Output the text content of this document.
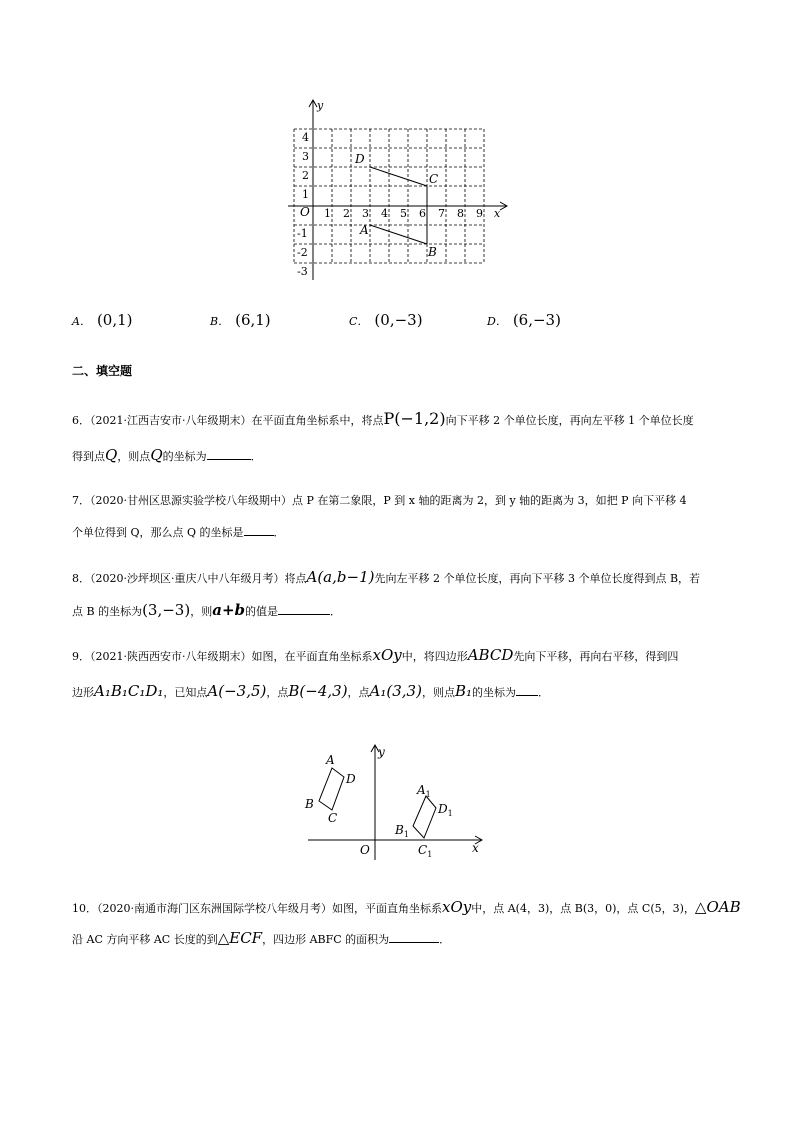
y
x
O 1 2 3 4 5 6 7 8 9
4
3
2
1
-1
-2
-3
D
C
A
B
A． (0,1)	B． (6,1)	C． (0,−3)	D． (6,−3)
二、填空题
6．（2021·江西吉安市·八年级期末）在平面直角坐标系中，将点P(−1,2)向下平移 2 个单位长度，再向左平移 1 个单位长度
得到点Q，则点Q的坐标为	．
7．（2020·甘州区思源实验学校八年级期中）点 P 在第二象限，P 到 x 轴的距离为 2，到 y 轴的距离为 3，如把 P 向下平移 4
个单位得到 Q，那么点 Q 的坐标是	．
8．（2020·沙坪坝区·重庆八中八年级月考）将点A(a,b−1)先向左平移 2 个单位长度，再向下平移 3 个单位长度得到点 B，若
点 B 的坐标为(3,−3)，则a+b的值是	．
9．（2021·陕西西安市·八年级期末）如图，在平面直角坐标系xOy中，将四边形ABCD先向下平移，再向右平移，得到四
边形A₁B₁C₁D₁，已知点A(−3,5)，点B(−4,3)，点A₁(3,3)，则点B₁的坐标为 ．
y
x
O
A
D
B
C
$A_1$
$D_1$
$B_1$
$C_1$
10．（2020·南通市海门区东洲国际学校八年级月考）如图，平面直角坐标系xOy中，点 A(4，3)，点 B(3，0)，点 C(5，3)，△OAB
沿 AC 方向平移 AC 长度的到△ECF，四边形 ABFC 的面积为	．
